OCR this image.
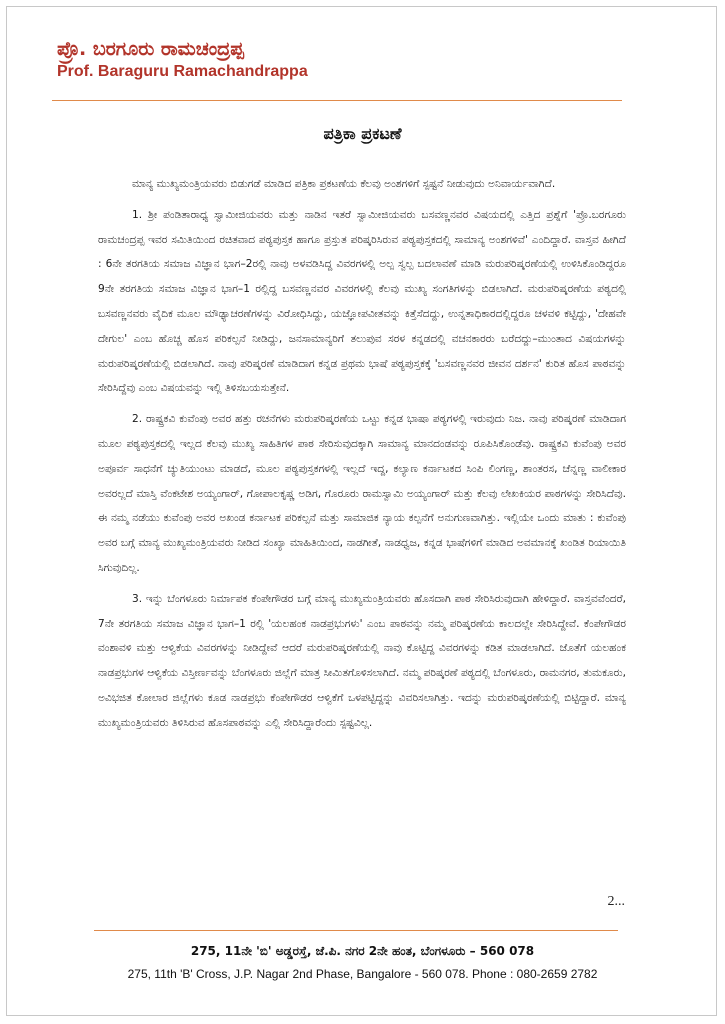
ಪ್ರೊ. ಬರಗೂರು ರಾಮಚಂದ್ರಪ್ಪ

Prof. Baraguru Ramachandrappa

ಪತ್ರಿಕಾ ಪ್ರಕಟಣೆ

ಮಾನ್ಯ ಮುಖ್ಯಮಂತ್ರಿಯವರು ಬಿಡುಗಡೆ ಮಾಡಿದ ಪತ್ರಿಕಾ ಪ್ರಕಟಣೆಯ ಕೆಲವು ಅಂಶಗಳಿಗೆ ಸ್ಪಷ್ಟನೆ ನೀಡುವುದು ಅನಿವಾರ್ಯವಾಗಿದೆ.

1. ಶ್ರೀ ಪಂಡಿತಾರಾಧ್ಯ ಸ್ವಾಮೀಜಿಯವರು ಮತ್ತು ನಾಡಿನ ಇತರೆ ಸ್ವಾಮೀಜಿಯವರು ಬಸವಣ್ಣನವರ ವಿಷಯದಲ್ಲಿ ಎತ್ತಿದ ಪ್ರಶ್ನೆಗೆ 'ಪ್ರೊ.ಬರಗೂರು ರಾಮಚಂದ್ರಪ್ಪ ಇವರ ಸಮಿತಿಯಿಂದ ರಚಿತವಾದ ಪಠ್ಯಪುಸ್ತಕ ಹಾಗೂ ಪ್ರಸ್ತುತ ಪರಿಷ್ಕರಿಸಿರುವ ಪಠ್ಯಪುಸ್ತಕದಲ್ಲಿ ಸಾಮಾನ್ಯ ಅಂಶಗಳಿವೆ' ಎಂದಿದ್ದಾರೆ. ವಾಸ್ತವ ಹೀಗಿದೆ : 6ನೇ ತರಗತಿಯ ಸಮಾಜ ವಿಜ್ಞಾನ ಭಾಗ–2ರಲ್ಲಿ ನಾವು ಅಳವಡಿಸಿದ್ದ ವಿವರಗಳಲ್ಲಿ ಅಲ್ಪ ಸ್ವಲ್ಪ ಬದಲಾವಣೆ ಮಾಡಿ ಮರುಪರಿಷ್ಕರಣೆಯಲ್ಲಿ ಉಳಿಸಿಕೊಂಡಿದ್ದರೂ 9ನೇ ತರಗತಿಯ ಸಮಾಜ ವಿಜ್ಞಾನ ಭಾಗ–1 ರಲ್ಲಿದ್ದ ಬಸವಣ್ಣನವರ ವಿವರಗಳಲ್ಲಿ ಕೆಲವು ಮುಖ್ಯ ಸಂಗತಿಗಳನ್ನು ಬಿಡಲಾಗಿದೆ. ಮರುಪರಿಷ್ಕರಣೆಯ ಪಠ್ಯದಲ್ಲಿ ಬಸವಣ್ಣನವರು ವೈದಿಕ ಮೂಲ ಮೌಢ್ಯಾಚರಣೆಗಳನ್ನು ವಿರೋಧಿಸಿದ್ದು, ಯಜ್ಞೋಪವೀತವನ್ನು ಕಿತ್ತೆಸೆದದ್ದು, ಉನ್ನತಾಧಿಕಾರದಲ್ಲಿದ್ದರೂ ಚಳವಳಿ ಕಟ್ಟಿದ್ದು, 'ದೇಹವೇ ದೇಗುಲ' ಎಂಬ ಹೊಚ್ಚ ಹೊಸ ಪರಿಕಲ್ಪನೆ ನೀಡಿದ್ದು, ಜನಸಾಮಾನ್ಯರಿಗೆ ತಲುಪುವ ಸರಳ ಕನ್ನಡದಲ್ಲಿ ವಚನಕಾರರು ಬರೆದದ್ದು–ಮುಂತಾದ ವಿಷಯಗಳನ್ನು ಮರುಪರಿಷ್ಕರಣೆಯಲ್ಲಿ ಬಿಡಲಾಗಿದೆ. ನಾವು ಪರಿಷ್ಕರಣೆ ಮಾಡಿದಾಗ ಕನ್ನಡ ಪ್ರಥಮ ಭಾಷೆ ಪಠ್ಯಪುಸ್ತಕಕ್ಕೆ 'ಬಸವಣ್ಣನವರ ಜೀವನ ದರ್ಶನ' ಕುರಿತ ಹೊಸ ಪಾಠವನ್ನು ಸೇರಿಸಿದ್ದೆವು ಎಂಬ ವಿಷಯವನ್ನು ಇಲ್ಲಿ ತಿಳಿಸಬಯಸುತ್ತೇನೆ.

2. ರಾಷ್ಟ್ರಕವಿ ಕುವೆಂಪು ಅವರ ಹತ್ತು ರಚನೆಗಳು ಮರುಪರಿಷ್ಕರಣೆಯ ಒಟ್ಟು ಕನ್ನಡ ಭಾಷಾ ಪಠ್ಯಗಳಲ್ಲಿ ಇರುವುದು ನಿಜ. ನಾವು ಪರಿಷ್ಕರಣೆ ಮಾಡಿದಾಗ ಮೂಲ ಪಠ್ಯಪುಸ್ತಕದಲ್ಲಿ ಇಲ್ಲದ ಕೆಲವು ಮುಖ್ಯ ಸಾಹಿತಿಗಳ ಪಾಠ ಸೇರಿಸುವುದಕ್ಕಾಗಿ ಸಾಮಾನ್ಯ ಮಾನದಂಡವನ್ನು ರೂಪಿಸಿಕೊಂಡೆವು. ರಾಷ್ಟ್ರಕವಿ ಕುವೆಂಪು ಅವರ ಅಪೂರ್ವ ಸಾಧನೆಗೆ ಚ್ಯುತಿಯುಂಟು ಮಾಡದೆ, ಮೂಲ ಪಠ್ಯಪುಸ್ತಕಗಳಲ್ಲಿ ಇಲ್ಲದೆ ಇದ್ದ, ಕಲ್ಯಾಣ ಕರ್ನಾಟಕದ ಸಿಂಪಿ ಲಿಂಗಣ್ಣ, ಶಾಂತರಸ, ಚೆನ್ನಣ್ಣ ವಾಲೀಕಾರ ಅವರಲ್ಲದೆ ಮಾಸ್ತಿ ವೆಂಕಟೇಶ ಅಯ್ಯಂಗಾರ್, ಗೋಪಾಲಕೃಷ್ಣ ಅಡಿಗ, ಗೊರೂರು ರಾಮಸ್ವಾಮಿ ಅಯ್ಯಂಗಾರ್ ಮತ್ತು ಕೆಲವು ಲೇಖಕಿಯರ ಪಾಠಗಳನ್ನು ಸೇರಿಸಿದೆವು. ಈ ನಮ್ಮ ನಡೆಯು ಕುವೆಂಪು ಅವರ ಅಖಂಡ ಕರ್ನಾಟಕ ಪರಿಕಲ್ಪನೆ ಮತ್ತು ಸಾಮಾಜಿಕ ನ್ಯಾಯ ಕಲ್ಪನೆಗೆ ಅನುಗುಣವಾಗಿತ್ತು. ಇಲ್ಲಿಯೇ ಒಂದು ಮಾತು : ಕುವೆಂಪು ಅವರ ಬಗ್ಗೆ ಮಾನ್ಯ ಮುಖ್ಯಮಂತ್ರಿಯವರು ನೀಡಿದ ಸಂಖ್ಯಾ ಮಾಹಿತಿಯಿಂದ, ನಾಡಗೀತೆ, ನಾಡಧ್ವಜ, ಕನ್ನಡ ಭಾಷೆಗಳಿಗೆ ಮಾಡಿದ ಅವಮಾನಕ್ಕೆ ಖಂಡಿತ ರಿಯಾಯಿತಿ ಸಿಗುವುದಿಲ್ಲ.

3. ಇನ್ನು ಬೆಂಗಳೂರು ನಿರ್ಮಾಪಕ ಕೆಂಪೇಗೌಡರ ಬಗ್ಗೆ ಮಾನ್ಯ ಮುಖ್ಯಮಂತ್ರಿಯವರು ಹೊಸದಾಗಿ ಪಾಠ ಸೇರಿಸಿರುವುದಾಗಿ ಹೇಳಿದ್ದಾರೆ. ವಾಸ್ತವವೆಂದರೆ, 7ನೇ ತರಗತಿಯ ಸಮಾಜ ವಿಜ್ಞಾನ ಭಾಗ–1 ರಲ್ಲಿ 'ಯಲಹಂಕ ನಾಡಪ್ರಭುಗಳು' ಎಂಬ ಪಾಠವನ್ನು ನಮ್ಮ ಪರಿಷ್ಕರಣೆಯ ಕಾಲದಲ್ಲೇ ಸೇರಿಸಿದ್ದೇವೆ. ಕೆಂಪೇಗೌಡರ ವಂಶಾವಳಿ ಮತ್ತು ಆಳ್ವಿಕೆಯ ವಿವರಗಳನ್ನು ನೀಡಿದ್ದೇವೆ ಆದರೆ ಮರುಪರಿಷ್ಕರಣೆಯಲ್ಲಿ ನಾವು ಕೊಟ್ಟಿದ್ದ ವಿವರಗಳನ್ನು ಕಡಿತ ಮಾಡಲಾಗಿದೆ. ಜೊತೆಗೆ ಯಲಹಂಕ ನಾಡಪ್ರಭುಗಳ ಆಳ್ವಿಕೆಯ ವಿಸ್ತೀರ್ಣವನ್ನು ಬೆಂಗಳೂರು ಜಿಲ್ಲೆಗೆ ಮಾತ್ರ ಸೀಮಿತಗೊಳಿಸಲಾಗಿದೆ. ನಮ್ಮ ಪರಿಷ್ಕರಣೆ ಪಠ್ಯದಲ್ಲಿ ಬೆಂಗಳೂರು, ರಾಮನಗರ, ತುಮಕೂರು, ಅವಿಭಜಿತ ಕೋಲಾರ ಜಿಲ್ಲೆಗಳು ಕೂಡ ನಾಡಪ್ರಭು ಕೆಂಪೇಗೌಡರ ಆಳ್ವಿಕೆಗೆ ಒಳಪಟ್ಟಿದ್ದನ್ನು ವಿವರಿಸಲಾಗಿತ್ತು. ಇದನ್ನು ಮರುಪರಿಷ್ಕರಣೆಯಲ್ಲಿ ಬಿಟ್ಟಿದ್ದಾರೆ. ಮಾನ್ಯ ಮುಖ್ಯಮಂತ್ರಿಯವರು ತಿಳಿಸಿರುವ ಹೊಸಪಾಠವನ್ನು ಎಲ್ಲಿ ಸೇರಿಸಿದ್ದಾರೆಂದು ಸ್ಪಷ್ಟವಿಲ್ಲ.

2...

275, 11ನೇ 'ಬಿ' ಅಡ್ಡರಸ್ತೆ, ಜೆ.ಪಿ. ನಗರ 2ನೇ ಹಂತ, ಬೆಂಗಳೂರು – 560 078

275, 11th 'B' Cross, J.P. Nagar 2nd Phase, Bangalore - 560 078. Phone : 080-2659 2782
